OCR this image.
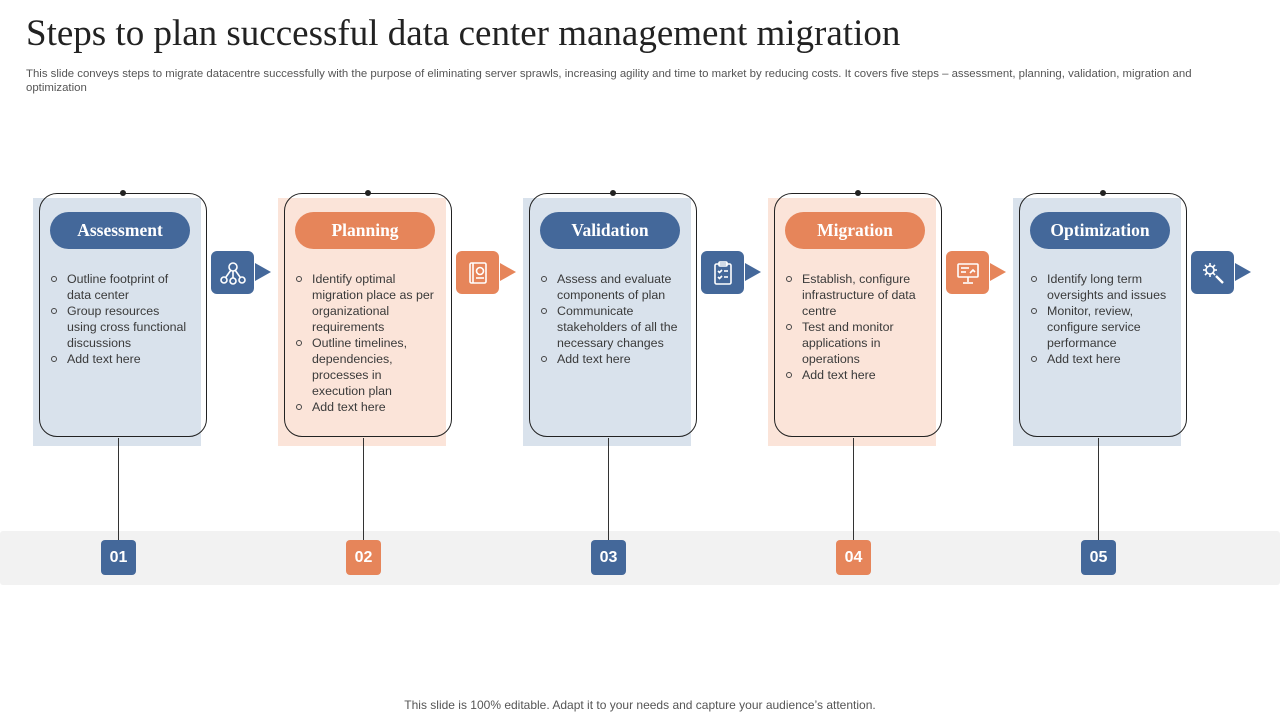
Steps to plan successful data center management migration
This slide conveys steps to migrate datacentre successfully with the purpose of eliminating server sprawls, increasing agility and time to market by reducing costs. It covers five steps – assessment, planning, validation, migration and optimization
Assessment
Outline footprint of data center
Group resources using cross functional discussions
Add text here
01
Planning
Identify optimal migration place as per organizational requirements
Outline timelines, dependencies, processes in execution plan
Add text here
02
Validation
Assess and evaluate components of plan
Communicate stakeholders of all the necessary changes
Add text here
03
Migration
Establish, configure infrastructure of data centre
Test and monitor applications in operations
Add text here
04
Optimization
Identify long term oversights and issues
Monitor, review, configure service performance
Add text here
05
This slide is 100% editable. Adapt it to your needs and capture your audience’s attention.
